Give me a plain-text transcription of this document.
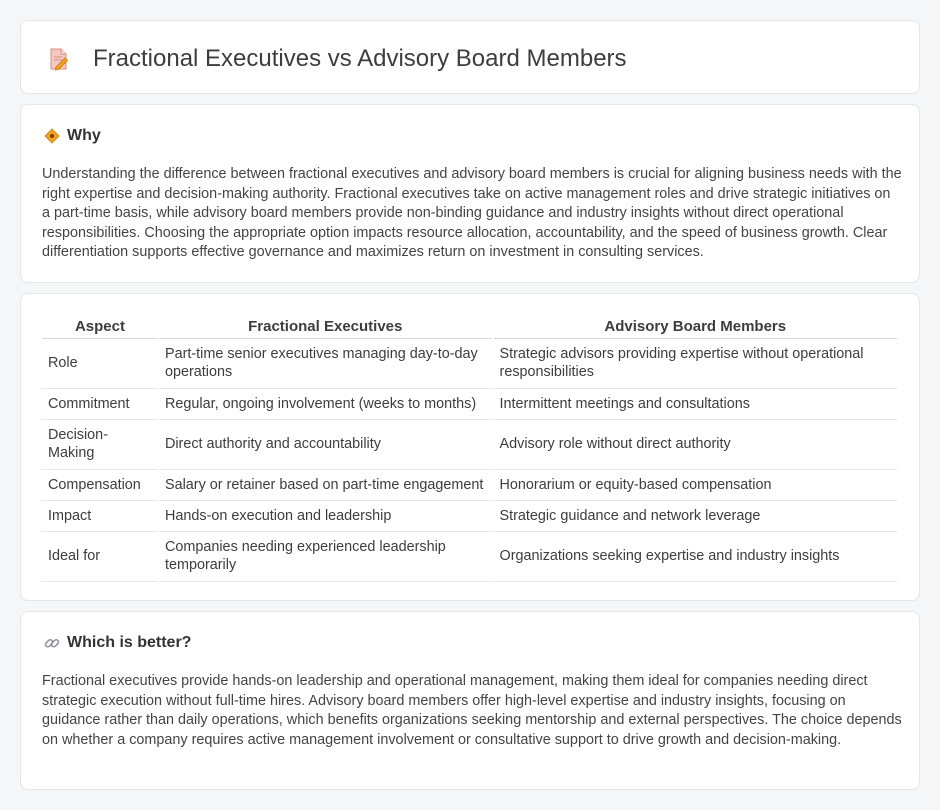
Fractional Executives vs Advisory Board Members
Why

Understanding the difference between fractional executives and advisory board members is crucial for aligning business needs with the right expertise and decision-making authority. Fractional executives take on active management roles and drive strategic initiatives on a part-time basis, while advisory board members provide non-binding guidance and industry insights without direct operational responsibilities. Choosing the appropriate option impacts resource allocation, accountability, and the speed of business growth. Clear differentiation supports effective governance and maximizes return on investment in consulting services.

Aspect	Fractional Executives	Advisory Board Members
Role	Part-time senior executives managing day-to-day operations	Strategic advisors providing expertise without operational responsibilities
Commitment	Regular, ongoing involvement (weeks to months)	Intermittent meetings and consultations
Decision-Making	Direct authority and accountability	Advisory role without direct authority
Compensation	Salary or retainer based on part-time engagement	Honorarium or equity-based compensation
Impact	Hands-on execution and leadership	Strategic guidance and network leverage
Ideal for	Companies needing experienced leadership temporarily	Organizations seeking expertise and industry insights
Which is better?

Fractional executives provide hands-on leadership and operational management, making them ideal for companies needing direct strategic execution without full-time hires. Advisory board members offer high-level expertise and industry insights, focusing on guidance rather than daily operations, which benefits organizations seeking mentorship and external perspectives. The choice depends on whether a company requires active management involvement or consultative support to drive growth and decision-making.
